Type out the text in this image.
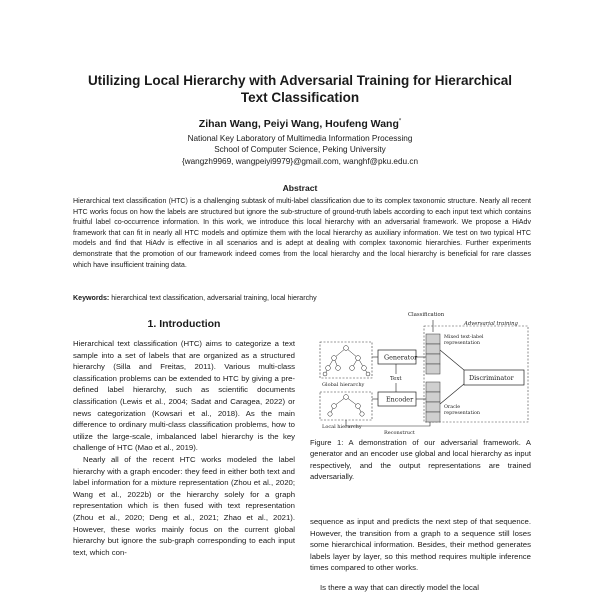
Utilizing Local Hierarchy with Adversarial Training for Hierarchical
Text Classification
Zihan Wang, Peiyi Wang, Houfeng Wang*
National Key Laboratory of Multimedia Information Processing
School of Computer Science, Peking University
{wangzh9969, wangpeiyi9979}@gmail.com, wanghf@pku.edu.cn
Abstract
Hierarchical text classification (HTC) is a challenging subtask of multi-label classification due to its complex taxonomic structure. Nearly all recent HTC works focus on how the labels are structured but ignore the sub-structure of ground-truth labels according to each input text which contains fruitful label co-occurrence information. In this work, we introduce this local hierarchy with an adversarial framework. We propose a HiAdv framework that can fit in nearly all HTC models and optimize them with the local hierarchy as auxiliary information. We test on two typical HTC models and find that HiAdv is effective in all scenarios and is adept at dealing with complex taxonomic hierarchies. Further experiments demonstrate that the promotion of our framework indeed comes from the local hierarchy and the local hierarchy is beneficial for rare classes which have insufficient training data.
Keywords: hierarchical text classification, adversarial training, local hierarchy
1. Introduction

Hierarchical text classification (HTC) aims to categorize a text sample into a set of labels that are organized as a structured hierarchy (Silla and Freitas, 2011). Various multi-class classification problems can be extended to HTC by giving a pre-defined label hierarchy, such as scientific documents classification (Lewis et al., 2004; Sadat and Caragea, 2022) or news categorization (Kowsari et al., 2018). As the main difference to ordinary multi-class classification problems, how to utilize the large-scale, imbalanced label hierarchy is the key challenge of HTC (Mao et al., 2019).

Nearly all of the recent HTC works modeled the label hierarchy with a graph encoder: they feed in either both text and label information for a mixture representation (Zhou et al., 2020; Wang et al., 2022b) or the hierarchy solely for a graph representation which is then fused with text representation (Zhou et al., 2020; Deng et al., 2021; Zhao et al., 2021). However, these works mainly focus on the current global hierarchy but ignore the sub-graph corresponding to each input text, which con-

Classification
Adversarial training
Global hierarchy
Local hierarchy
Generator
Encoder
Text
Mixed text-label
representation
Oracle
representation
Discriminator
Reconstruct
Figure 1: A demonstration of our adversarial framework. A generator and an encoder use global and local hierarchy as input respectively, and the output representations are trained adversarially.

sequence as input and predicts the next step of that sequence. However, the transition from a graph to a sequence still loses some hierarchical information. Besides, their method generates labels layer by layer, so this method requires multiple inference times compared to other works.

Is there a way that can directly model the local
